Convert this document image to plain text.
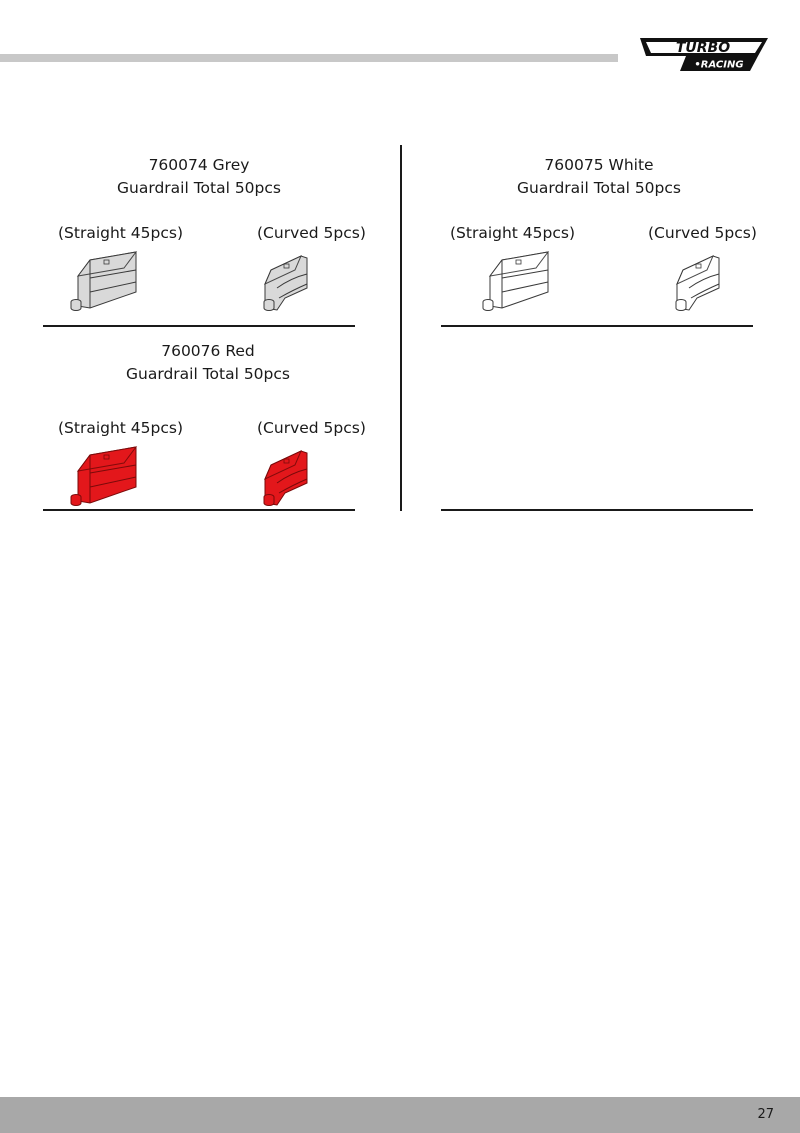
TURBO
•RACING
760074 Grey
Guardrail Total 50pcs
(Straight 45pcs)	(Curved 5pcs)
760075 White
Guardrail Total 50pcs
(Straight 45pcs)	(Curved 5pcs)
760076 Red
Guardrail Total 50pcs
(Straight 45pcs)	(Curved 5pcs)
27
